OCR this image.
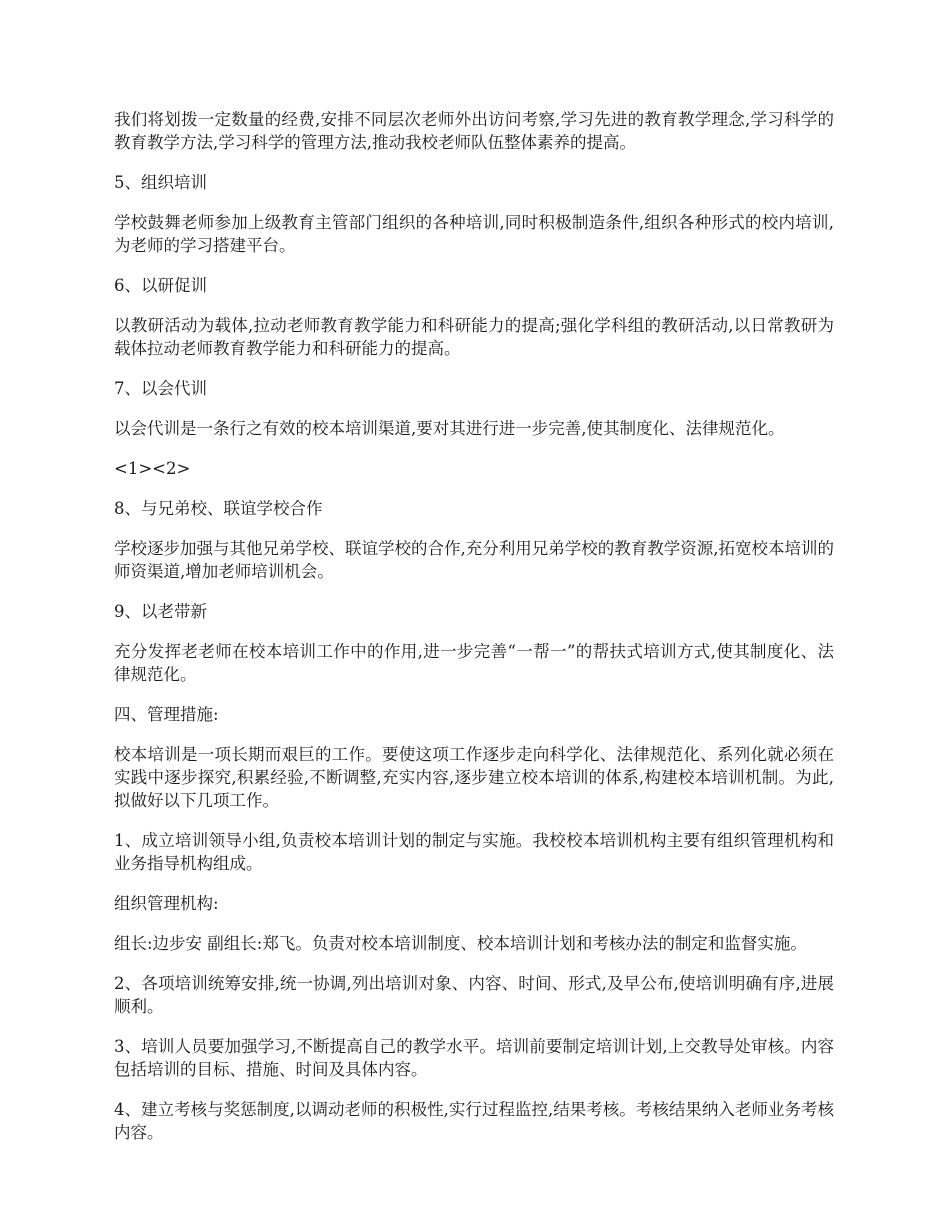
我们将划拨一定数量的经费,安排不同层次老师外出访问考察,学习先进的教育教学理念,学习科学的教育教学方法,学习科学的管理方法,推动我校老师队伍整体素养的提高。

5、组织培训

学校鼓舞老师参加上级教育主管部门组织的各种培训,同时积极制造条件,组织各种形式的校内培训,为老师的学习搭建平台。

6、以研促训

以教研活动为载体,拉动老师教育教学能力和科研能力的提高;强化学科组的教研活动,以日常教研为载体拉动老师教育教学能力和科研能力的提高。

7、以会代训

以会代训是一条行之有效的校本培训渠道,要对其进行进一步完善,使其制度化、法律规范化。

<1><2>

8、与兄弟校、联谊学校合作

学校逐步加强与其他兄弟学校、联谊学校的合作,充分利用兄弟学校的教育教学资源,拓宽校本培训的师资渠道,增加老师培训机会。

9、以老带新

充分发挥老老师在校本培训工作中的作用,进一步完善“一帮一”的帮扶式培训方式,使其制度化、法律规范化。

四、管理措施:

校本培训是一项长期而艰巨的工作。要使这项工作逐步走向科学化、法律规范化、系列化就必须在实践中逐步探究,积累经验,不断调整,充实内容,逐步建立校本培训的体系,构建校本培训机制。为此,拟做好以下几项工作。

1、成立培训领导小组,负责校本培训计划的制定与实施。我校校本培训机构主要有组织管理机构和业务指导机构组成。

组织管理机构:

组长:边步安 副组长:郑飞。负责对校本培训制度、校本培训计划和考核办法的制定和监督实施。

2、各项培训统筹安排,统一协调,列出培训对象、内容、时间、形式,及早公布,使培训明确有序,进展顺利。

3、培训人员要加强学习,不断提高自己的教学水平。培训前要制定培训计划,上交教导处审核。内容包括培训的目标、措施、时间及具体内容。

4、建立考核与奖惩制度,以调动老师的积极性,实行过程监控,结果考核。考核结果纳入老师业务考核内容。
